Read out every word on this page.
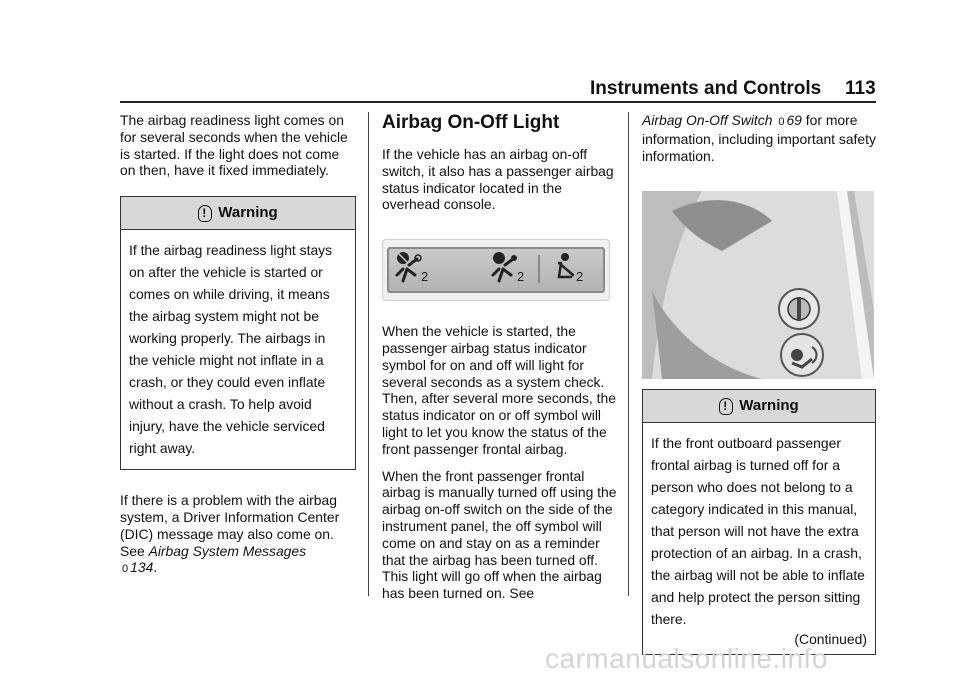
Instruments and Controls 113

The airbag readiness light comes on for several seconds when the vehicle is started. If the light does not come on then, have it fixed immediately.

!
Warning
If the airbag readiness light stays on after the vehicle is started or comes on while driving, it means the airbag system might not be working properly. The airbags in the vehicle might not inflate in a crash, or they could even inflate without a crash. To help avoid injury, have the vehicle serviced right away.

If there is a problem with the airbag system, a Driver Information Center (DIC) message may also come on. See Airbag System Messages
0 134.

Airbag On-Off Light

If the vehicle has an airbag on-off switch, it also has a passenger airbag status indicator located in the overhead console.

2	2	2

When the vehicle is started, the passenger airbag status indicator symbol for on and off will light for several seconds as a system check. Then, after several more seconds, the status indicator on or off symbol will light to let you know the status of the front passenger frontal airbag.

When the front passenger frontal airbag is manually turned off using the airbag on-off switch on the side of the instrument panel, the off symbol will come on and stay on as a reminder that the airbag has been turned off. This light will go off when the airbag has been turned on. See

Airbag On-Off Switch 0 69 for more information, including important safety information.

!
Warning
If the front outboard passenger frontal airbag is turned off for a person who does not belong to a category indicated in this manual, that person will not have the extra protection of an airbag. In a crash, the airbag will not be able to inflate and help protect the person sitting there.
(Continued)
carmanualsonline.info
